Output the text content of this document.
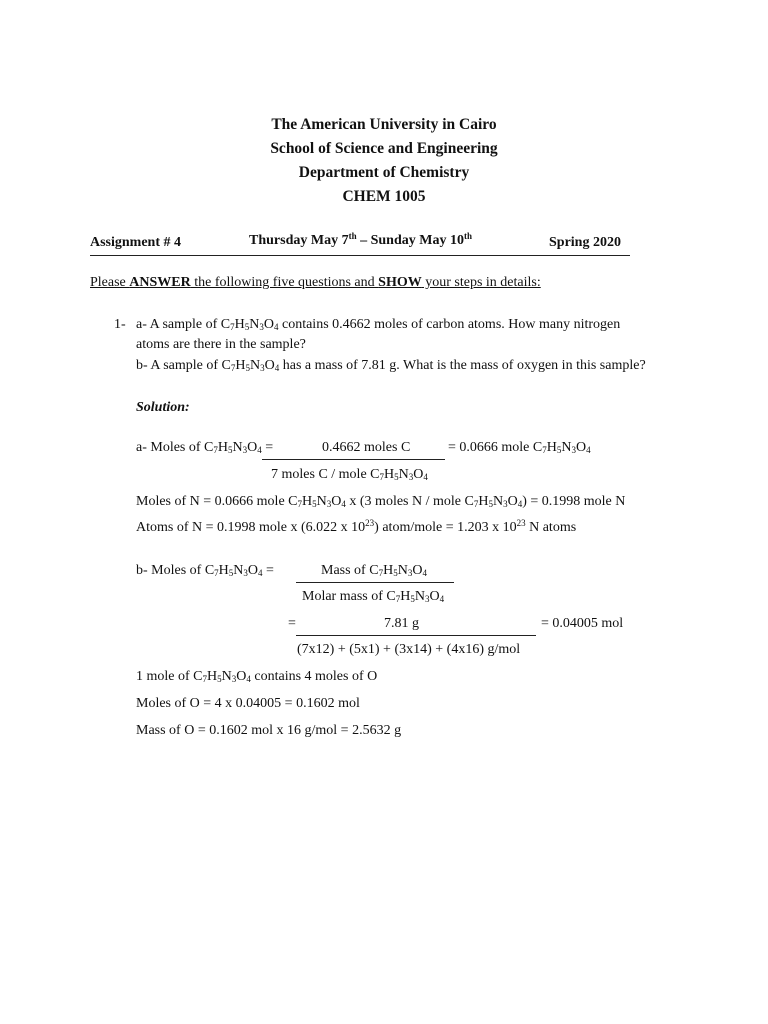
The American University in Cairo
School of Science and Engineering
Department of Chemistry
CHEM 1005
Assignment # 4	Thursday May 7th – Sunday May 10th	Spring 2020
Please ANSWER the following five questions and SHOW your steps in details:
1- a- A sample of $C_7H_5N_3O_4$ contains 0.4662 moles of carbon atoms. How many nitrogen
atoms are there in the sample?
b- A sample of $C_7H_5N_3O_4$ has a mass of 7.81 g. What is the mass of oxygen in this sample?
Solution:
a- Moles of $C_7H_5N_3O_4$ =	0.4662 moles C	= 0.0666 mole $C_7H_5N_3O_4$
7 moles C / mole $C_7H_5N_3O_4$
Moles of N = 0.0666 mole $C_7H_5N_3O_4$ x (3 moles N / mole $C_7H_5N_3O_4) = 0.1998$ mole N
Atoms of N = 0.1998 mole x (6.022 x $10^{23}$) atom/mole = 1.203 x $10^{23}$ N atoms
b- Moles of $C_7H_5N_3O_4$ =	Mass of $C_7H_5N_3O_4$
Molar mass of $C_7H_5N_3O_4$
=	7.81 g	= 0.04005 mol
(7x12) + (5x1) + (3x14) + (4x16) g/mol
1 mole of $C_7H_5N_3O_4$ contains 4 moles of O
Moles of O = 4 x 0.04005 = 0.1602 mol
Mass of O = 0.1602 mol x 16 g/mol = 2.5632 g
